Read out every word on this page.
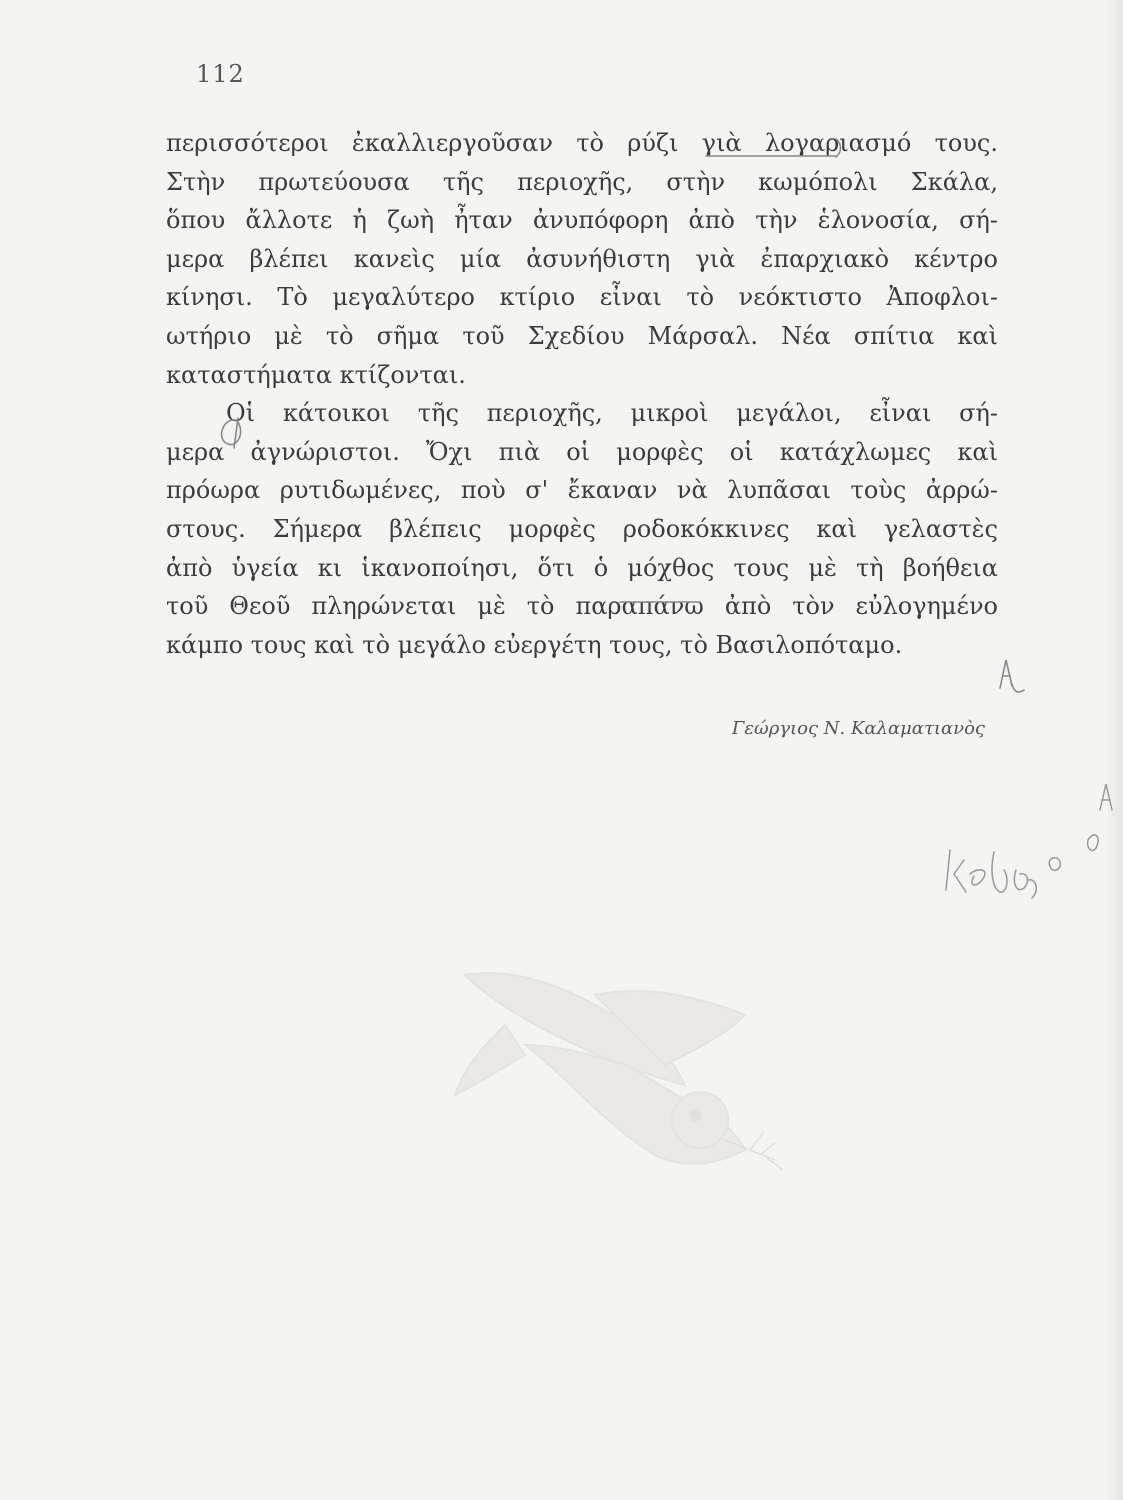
112
περισσότεροι ἐκαλλιεργοῦσαν τὸ ρύζι γιὰ λογαριασμό τους.
Στὴν πρωτεύουσα τῆς περιοχῆς, στὴν κωμόπολι Σκάλα,
ὅπου ἄλλοτε ἡ ζωὴ ἦταν ἀνυπόφορη ἀπὸ τὴν ἑλονοσία, σή-
μερα βλέπει κανεὶς μία ἀσυνήθιστη γιὰ ἐπαρχιακὸ κέντρο
κίνησι. Τὸ μεγαλύτερο κτίριο εἶναι τὸ νεόκτιστο Ἀποφλοι-
ωτήριο μὲ τὸ σῆμα τοῦ Σχεδίου Μάρσαλ. Νέα σπίτια καὶ
καταστήματα κτίζονται.
Οἱ κάτοικοι τῆς περιοχῆς, μικροὶ μεγάλοι, εἶναι σή-
μερα ἀγνώριστοι. Ὄχι πιὰ οἱ μορφὲς οἱ κατάχλωμες καὶ
πρόωρα ρυτιδωμένες, ποὺ σ' ἔκαναν νὰ λυπᾶσαι τοὺς ἀρρώ-
στους. Σήμερα βλέπεις μορφὲς ροδοκόκκινες καὶ γελαστὲς
ἀπὸ ὑγεία κι ἱκανοποίησι, ὅτι ὁ μόχθος τους μὲ τὴ βοήθεια
τοῦ Θεοῦ πληρώνεται μὲ τὸ παραπάνω ἀπὸ τὸν εὐλογημένο
κάμπο τους καὶ τὸ μεγάλο εὐεργέτη τους, τὸ Βασιλοπόταμο.
Γεώργιος Ν. Καλαματιανὸς
